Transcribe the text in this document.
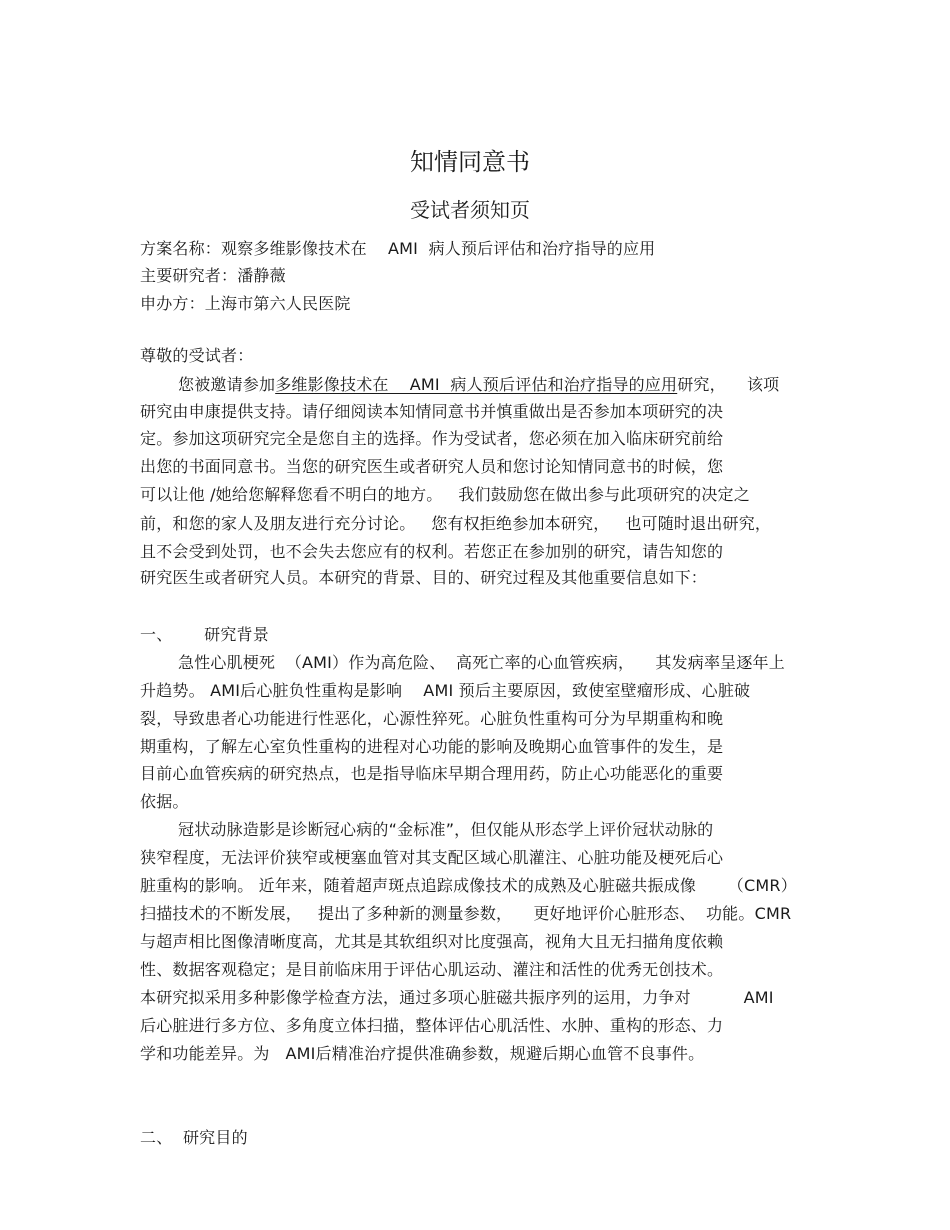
知情同意书
受试者须知页
方案名称：观察多维影像技术在    AMI  病人预后评估和治疗指导的应用
主要研究者：潘静薇
申办方：上海市第六人民医院
尊敬的受试者：
您被邀请参加多维影像技术在    AMI  病人预后评估和治疗指导的应用研究，    该项
研究由申康提供支持。请仔细阅读本知情同意书并慎重做出是否参加本项研究的决
定。参加这项研究完全是您自主的选择。作为受试者，您必须在加入临床研究前给
出您的书面同意书。当您的研究医生或者研究人员和您讨论知情同意书的时候，您
可以让他 /她给您解释您看不明白的地方。   我们鼓励您在做出参与此项研究的决定之
前，和您的家人及朋友进行充分讨论。   您有权拒绝参加本研究，   也可随时退出研究，
且不会受到处罚，也不会失去您应有的权利。若您正在参加别的研究，请告知您的
研究医生或者研究人员。本研究的背景、目的、研究过程及其他重要信息如下：
一、      研究背景
急性心肌梗死  （AMI）作为高危险、  高死亡率的心血管疾病，    其发病率呈逐年上
升趋势。 AMI后心脏负性重构是影响    AMI 预后主要原因，致使室壁瘤形成、心脏破
裂，导致患者心功能进行性恶化，心源性猝死。心脏负性重构可分为早期重构和晚
期重构，了解左心室负性重构的进程对心功能的影响及晚期心血管事件的发生，是
目前心血管疾病的研究热点，也是指导临床早期合理用药，防止心功能恶化的重要
依据。
冠状动脉造影是诊断冠心病的“金标准”，但仅能从形态学上评价冠状动脉的
狭窄程度，无法评价狭窄或梗塞血管对其支配区域心肌灌注、心脏功能及梗死后心
脏重构的影响。 近年来，随着超声斑点追踪成像技术的成熟及心脏磁共振成像      （CMR）
扫描技术的不断发展，   提出了多种新的测量参数，    更好地评价心脏形态、  功能。CMR
与超声相比图像清晰度高，尤其是其软组织对比度强高，视角大且无扫描角度依赖
性、数据客观稳定；是目前临床用于评估心肌运动、灌注和活性的优秀无创技术。
本研究拟采用多种影像学检查方法，通过多项心脏磁共振序列的运用，力争对          AMI
后心脏进行多方位、多角度立体扫描，整体评估心肌活性、水肿、重构的形态、力
学和功能差异。为   AMI后精准治疗提供准确参数，规避后期心血管不良事件。
二、  研究目的
